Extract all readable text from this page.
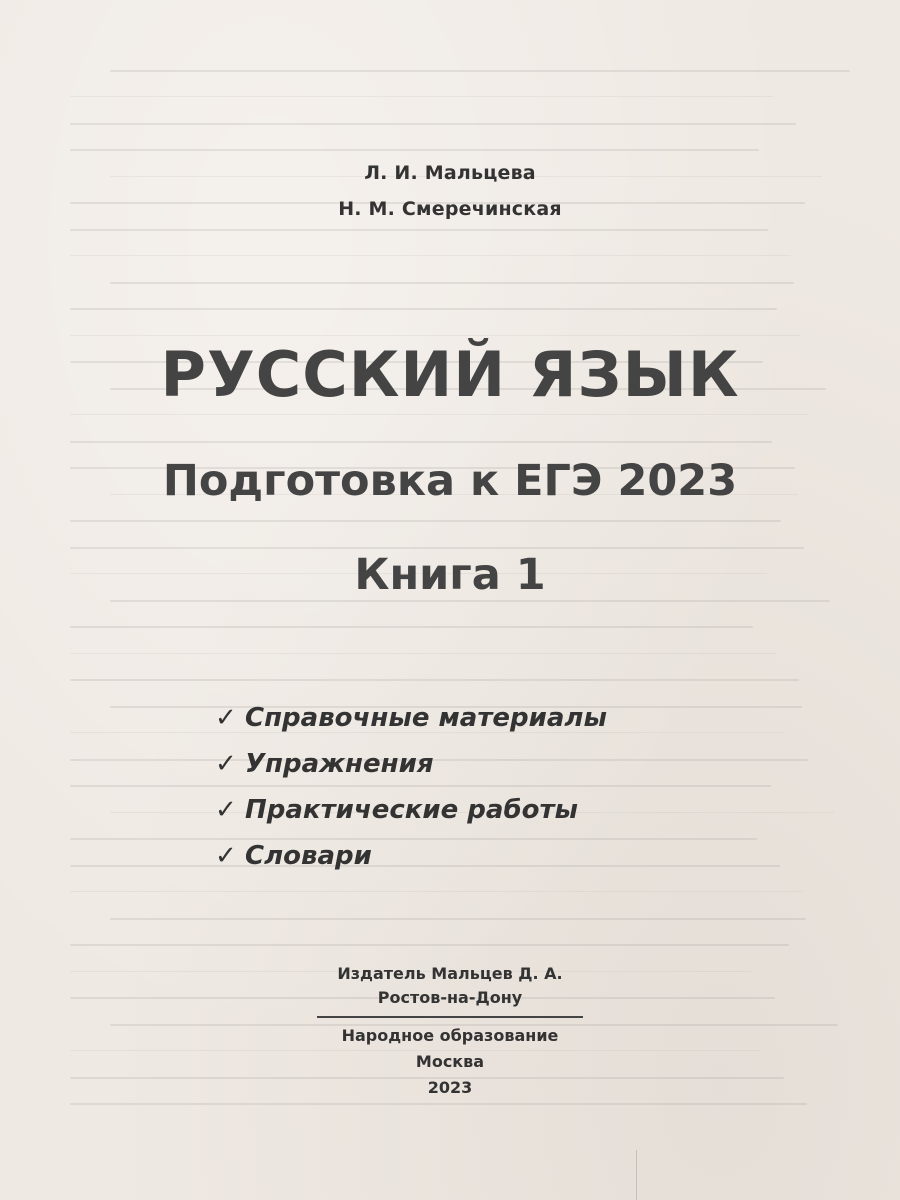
Л. И. Мальцева
Н. М. Смеречинская
РУССКИЙ ЯЗЫК
Подготовка к ЕГЭ 2023
Книга 1
✓ Справочные материалы
✓ Упражнения
✓ Практические работы
✓ Словари
Издатель Мальцев Д. А.
Ростов-на-Дону
Народное образование
Москва
2023
